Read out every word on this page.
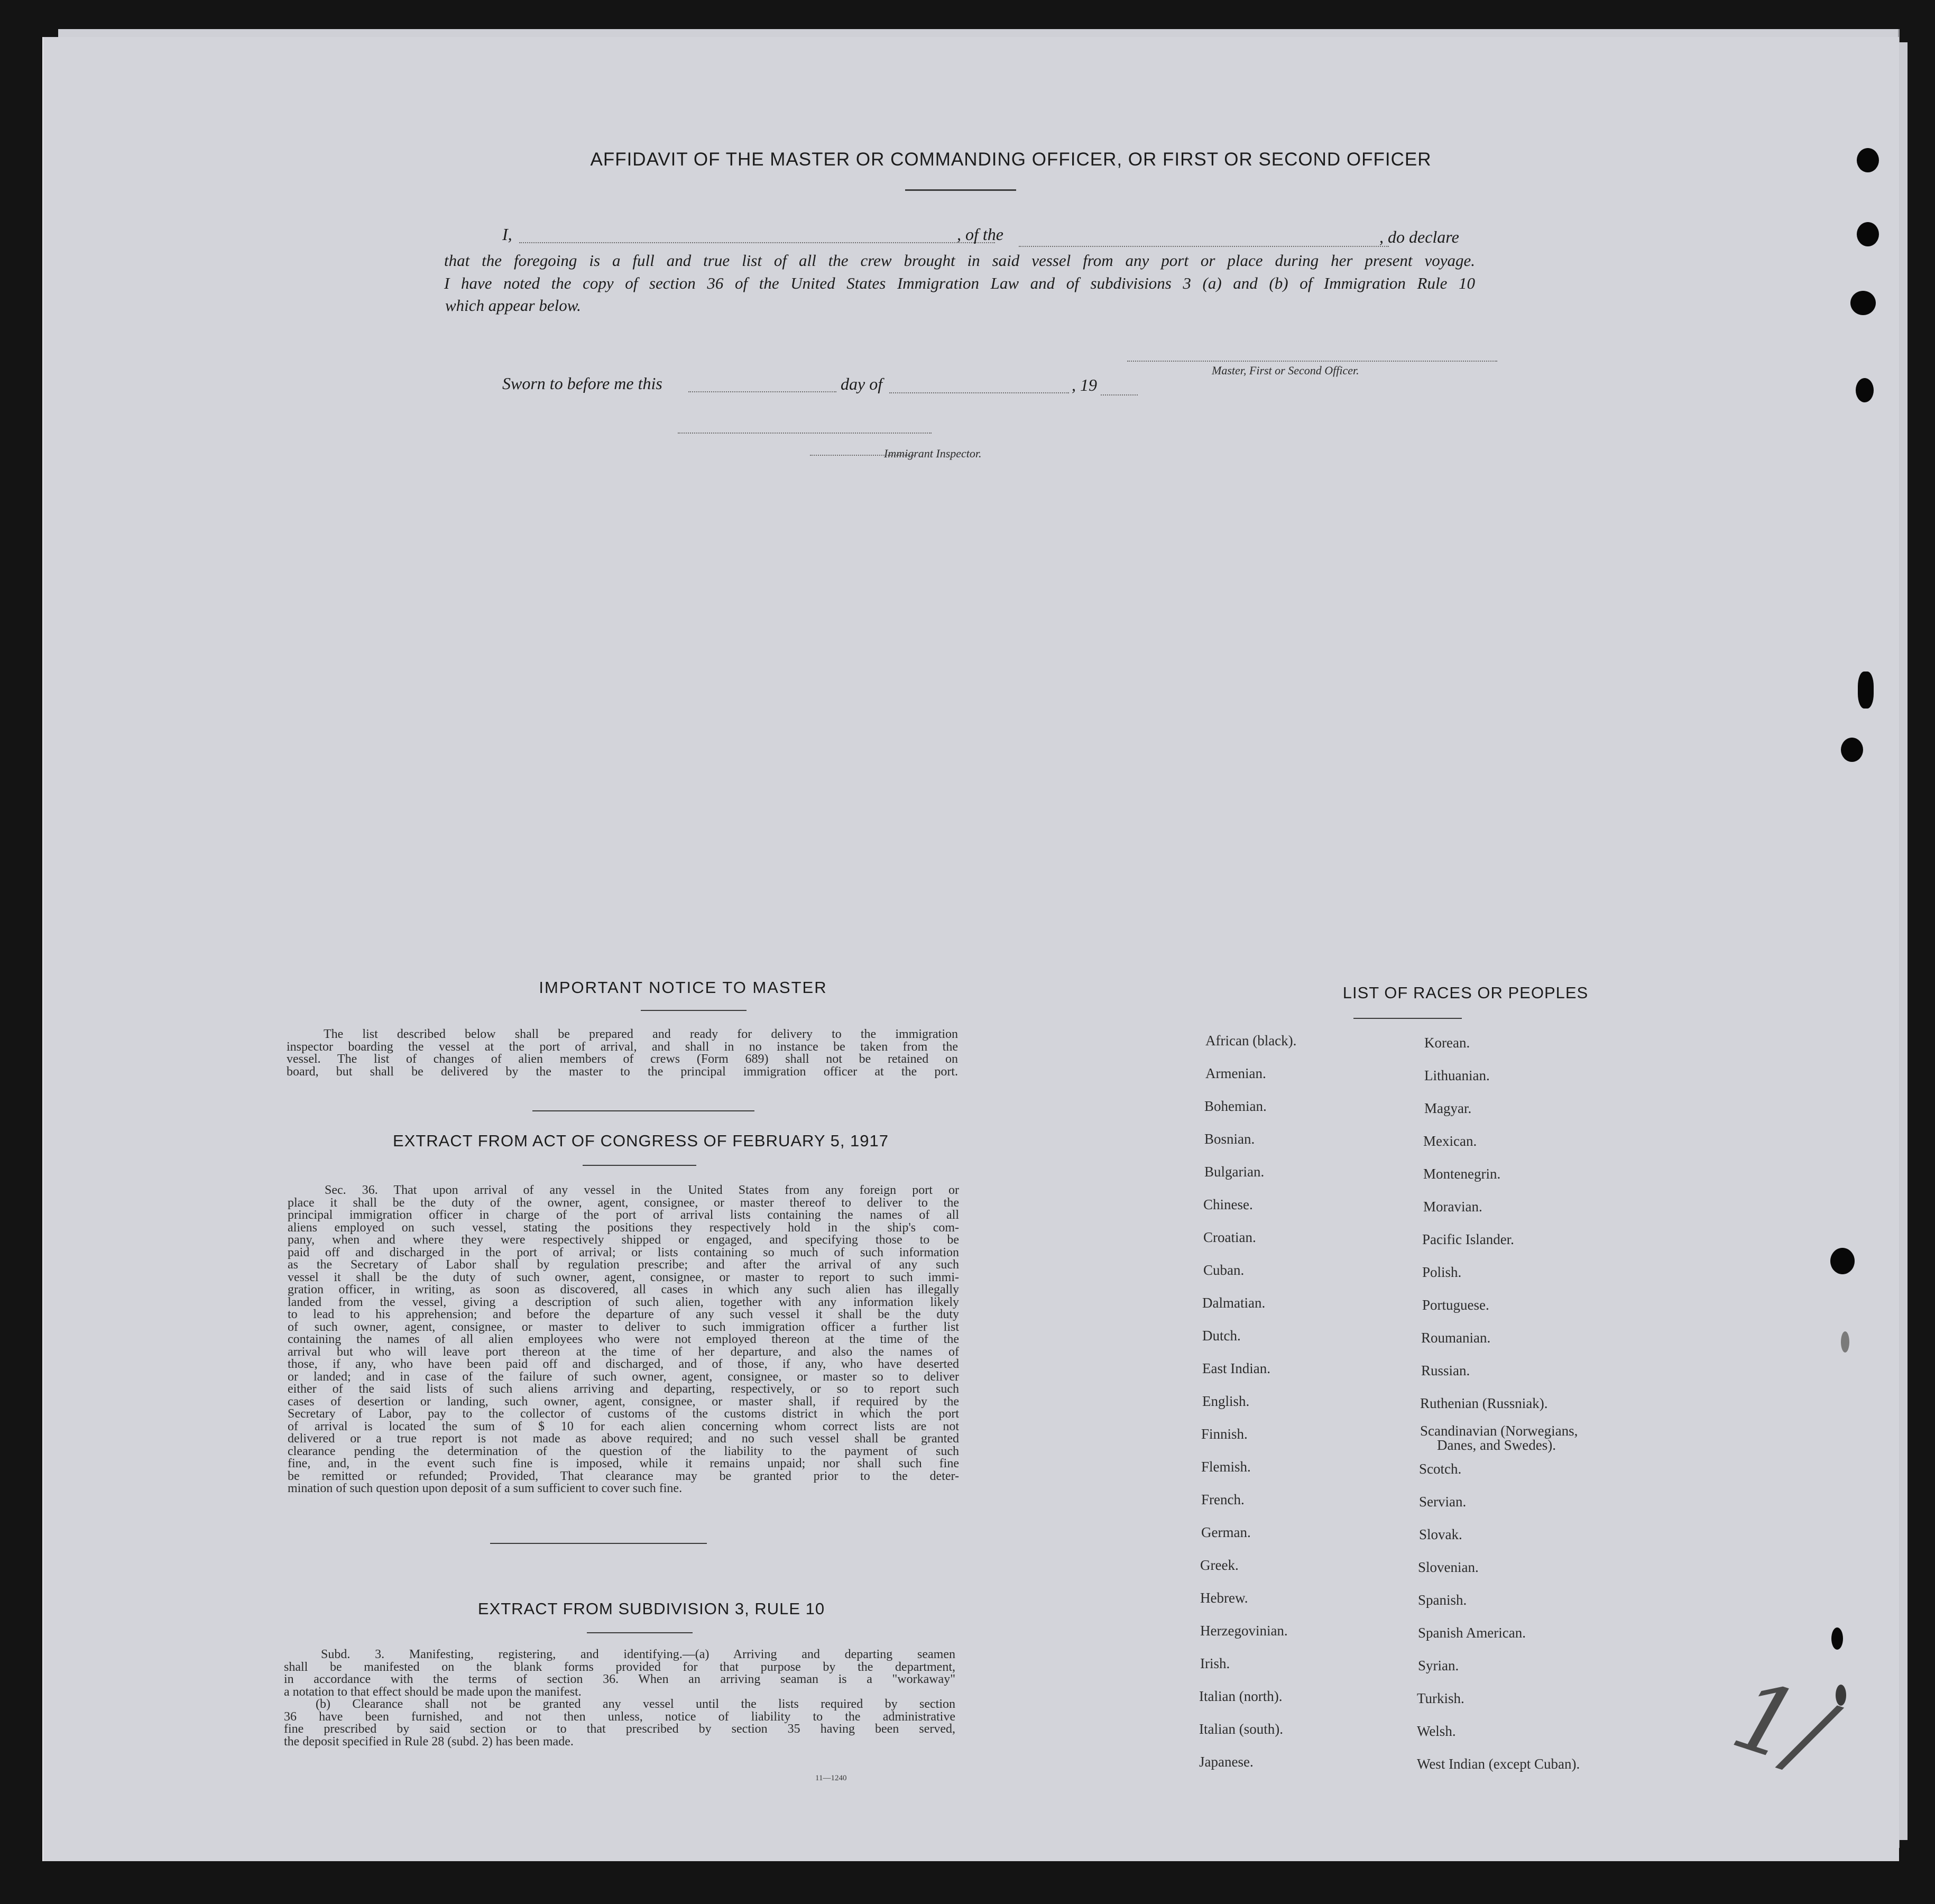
AFFIDAVIT OF THE MASTER OR COMMANDING OFFICER, OR FIRST OR SECOND OFFICER
I,	, of the	, do declare
that the foregoing is a full and true list of all the crew brought in said vessel from any port or place during her present voyage.
I have noted the copy of section 36 of the United States Immigration Law and of subdivisions 3 (a) and (b) of Immigration Rule 10
which appear below.
Master, First or Second Officer.
Sworn to before me this	day of	, 19
Immigrant Inspector.
IMPORTANT NOTICE TO MASTER
The list described below shall be prepared and ready for delivery to the immigration
inspector boarding the vessel at the port of arrival, and shall in no instance be taken from the
vessel. The list of changes of alien members of crews (Form 689) shall not be retained on
board, but shall be delivered by the master to the principal immigration officer at the port.
EXTRACT FROM ACT OF CONGRESS OF FEBRUARY 5, 1917
Sec. 36. That upon arrival of any vessel in the United States from any foreign port or
place it shall be the duty of the owner, agent, consignee, or master thereof to deliver to the
principal immigration officer in charge of the port of arrival lists containing the names of all
aliens employed on such vessel, stating the positions they respectively hold in the ship's com-
pany, when and where they were respectively shipped or engaged, and specifying those to be
paid off and discharged in the port of arrival; or lists containing so much of such information
as the Secretary of Labor shall by regulation prescribe; and after the arrival of any such
vessel it shall be the duty of such owner, agent, consignee, or master to report to such immi-
gration officer, in writing, as soon as discovered, all cases in which any such alien has illegally
landed from the vessel, giving a description of such alien, together with any information likely
to lead to his apprehension; and before the departure of any such vessel it shall be the duty
of such owner, agent, consignee, or master to deliver to such immigration officer a further list
containing the names of all alien employees who were not employed thereon at the time of the
arrival but who will leave port thereon at the time of her departure, and also the names of
those, if any, who have been paid off and discharged, and of those, if any, who have deserted
or landed; and in case of the failure of such owner, agent, consignee, or master so to deliver
either of the said lists of such aliens arriving and departing, respectively, or so to report such
cases of desertion or landing, such owner, agent, consignee, or master shall, if required by the
Secretary of Labor, pay to the collector of customs of the customs district in which the port
of arrival is located the sum of $ 10 for each alien concerning whom correct lists are not
delivered or a true report is not made as above required; and no such vessel shall be granted
clearance pending the determination of the question of the liability to the payment of such
fine, and, in the event such fine is imposed, while it remains unpaid; nor shall such fine
be remitted or refunded; Provided, That clearance may be granted prior to the deter-
mination of such question upon deposit of a sum sufficient to cover such fine.
EXTRACT FROM SUBDIVISION 3, RULE 10
Subd. 3. Manifesting, registering, and identifying.—(a) Arriving and departing seamen
shall be manifested on the blank forms provided for that purpose by the department,
in accordance with the terms of section 36. When an arriving seaman is a "workaway"
a notation to that effect should be made upon the manifest.
(b) Clearance shall not be granted any vessel until the lists required by section
36 have been furnished, and not then unless, notice of liability to the administrative
fine prescribed by said section or to that prescribed by section 35 having been served,
the deposit specified in Rule 28 (subd. 2) has been made.
11—1240
LIST OF RACES OR PEOPLES
African (black).
Armenian.
Bohemian.
Bosnian.
Bulgarian.
Chinese.
Croatian.
Cuban.
Dalmatian.
Dutch.
East Indian.
English.
Finnish.
Flemish.
French.
German.
Greek.
Hebrew.
Herzegovinian.
Irish.
Italian (north).
Italian (south).
Japanese.
Korean.
Lithuanian.
Magyar.
Mexican.
Montenegrin.
Moravian.
Pacific Islander.
Polish.
Portuguese.
Roumanian.
Russian.
Ruthenian (Russniak).
Scandinavian (Norwegians,
Danes, and Swedes).
Scotch.
Servian.
Slovak.
Slovenian.
Spanish.
Spanish American.
Syrian.
Turkish.
Welsh.
West Indian (except Cuban). 1/
